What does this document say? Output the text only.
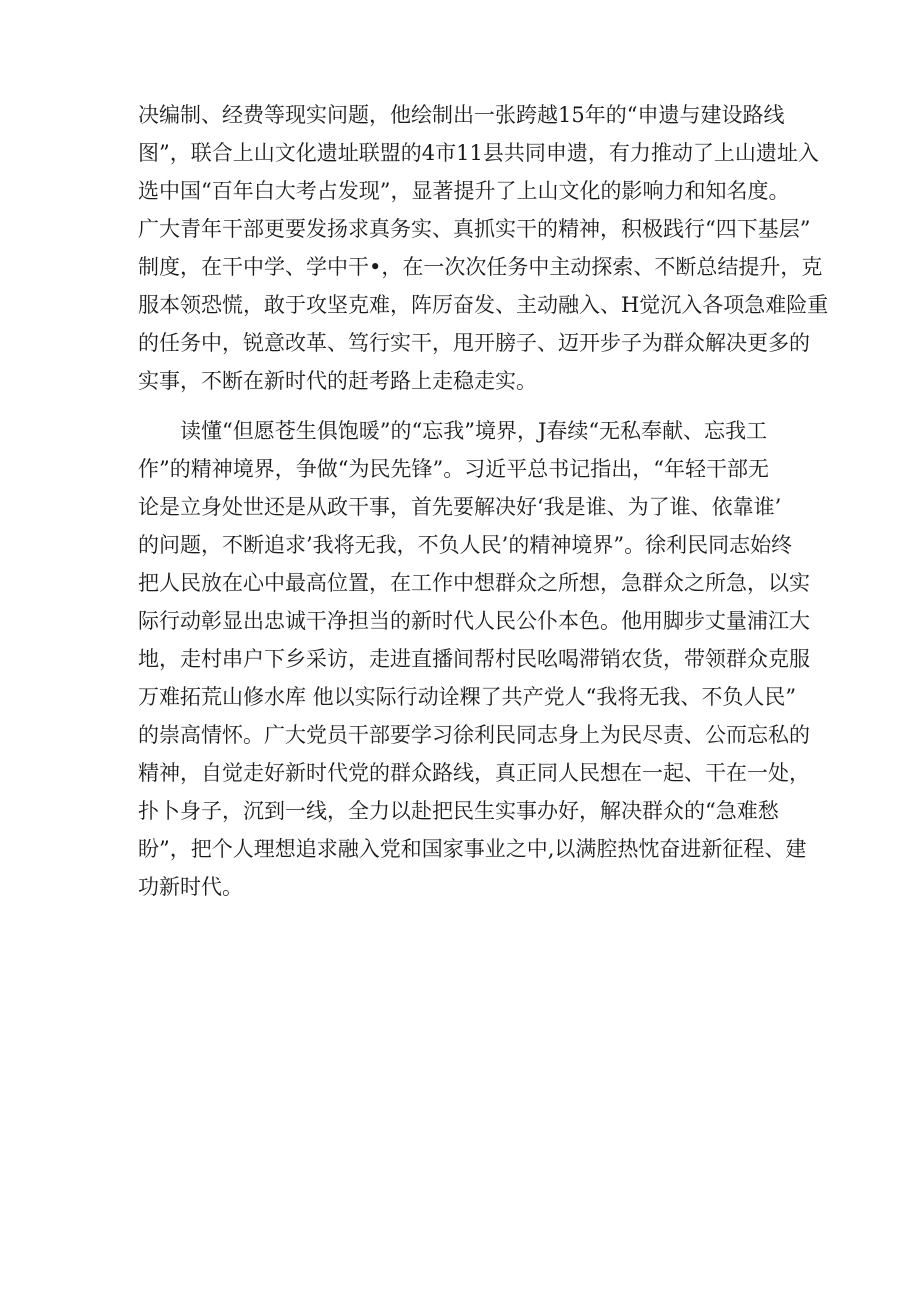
决编制、经费等现实问题，他绘制出一张跨越15年的“申遗与建设路线
图”，联合上山文化遗址联盟的4市11县共同申遗，有力推动了上山遗址入
选中国“百年白大考占发现”，显著提升了上山文化的影响力和知名度。
广大青年干部更要发扬求真务实、真抓实干的精神，积极践行“四下基层”
制度，在干中学、学中干•，在一次次任务中主动探索、不断总结提升，克
服本领恐慌，敢于攻坚克难，阵厉奋发、主动融入、H觉沉入各项急难险重
的任务中，锐意改革、笃行实干，甩开膀子、迈开步子为群众解决更多的
实事，不断在新时代的赶考路上走稳走实。
　　读懂“但愿苍生俱饱暖”的“忘我”境界，J春续“无私奉献、忘我工
作”的精神境界，争做“为民先锋”。习近平总书记指出，“年轻干部无
论是立身处世还是从政干事，首先要解决好‘我是谁、为了谁、依靠谁’
的问题，不断追求’我将无我，不负人民’的精神境界”。徐利民同志始终
把人民放在心中最高位置，在工作中想群众之所想，急群众之所急，以实
际行动彰显出忠诚干净担当的新时代人民公仆本色。他用脚步丈量浦江大
地，走村串户下乡采访，走进直播间帮村民吆喝滞销农货，带领群众克服
万难拓荒山修水库 他以实际行动诠粿了共产党人“我将无我、不负人民”
的崇高情怀。广大党员干部要学习徐利民同志身上为民尽责、公而忘私的
精神，自觉走好新时代党的群众路线，真正同人民想在一起、干在一处，
扑卜身子，沉到一线，全力以赴把民生实事办好，解决群众的“急难愁
盼”，把个人理想追求融入党和国家事业之中,以满腔热忱奋进新征程、建
功新时代。
